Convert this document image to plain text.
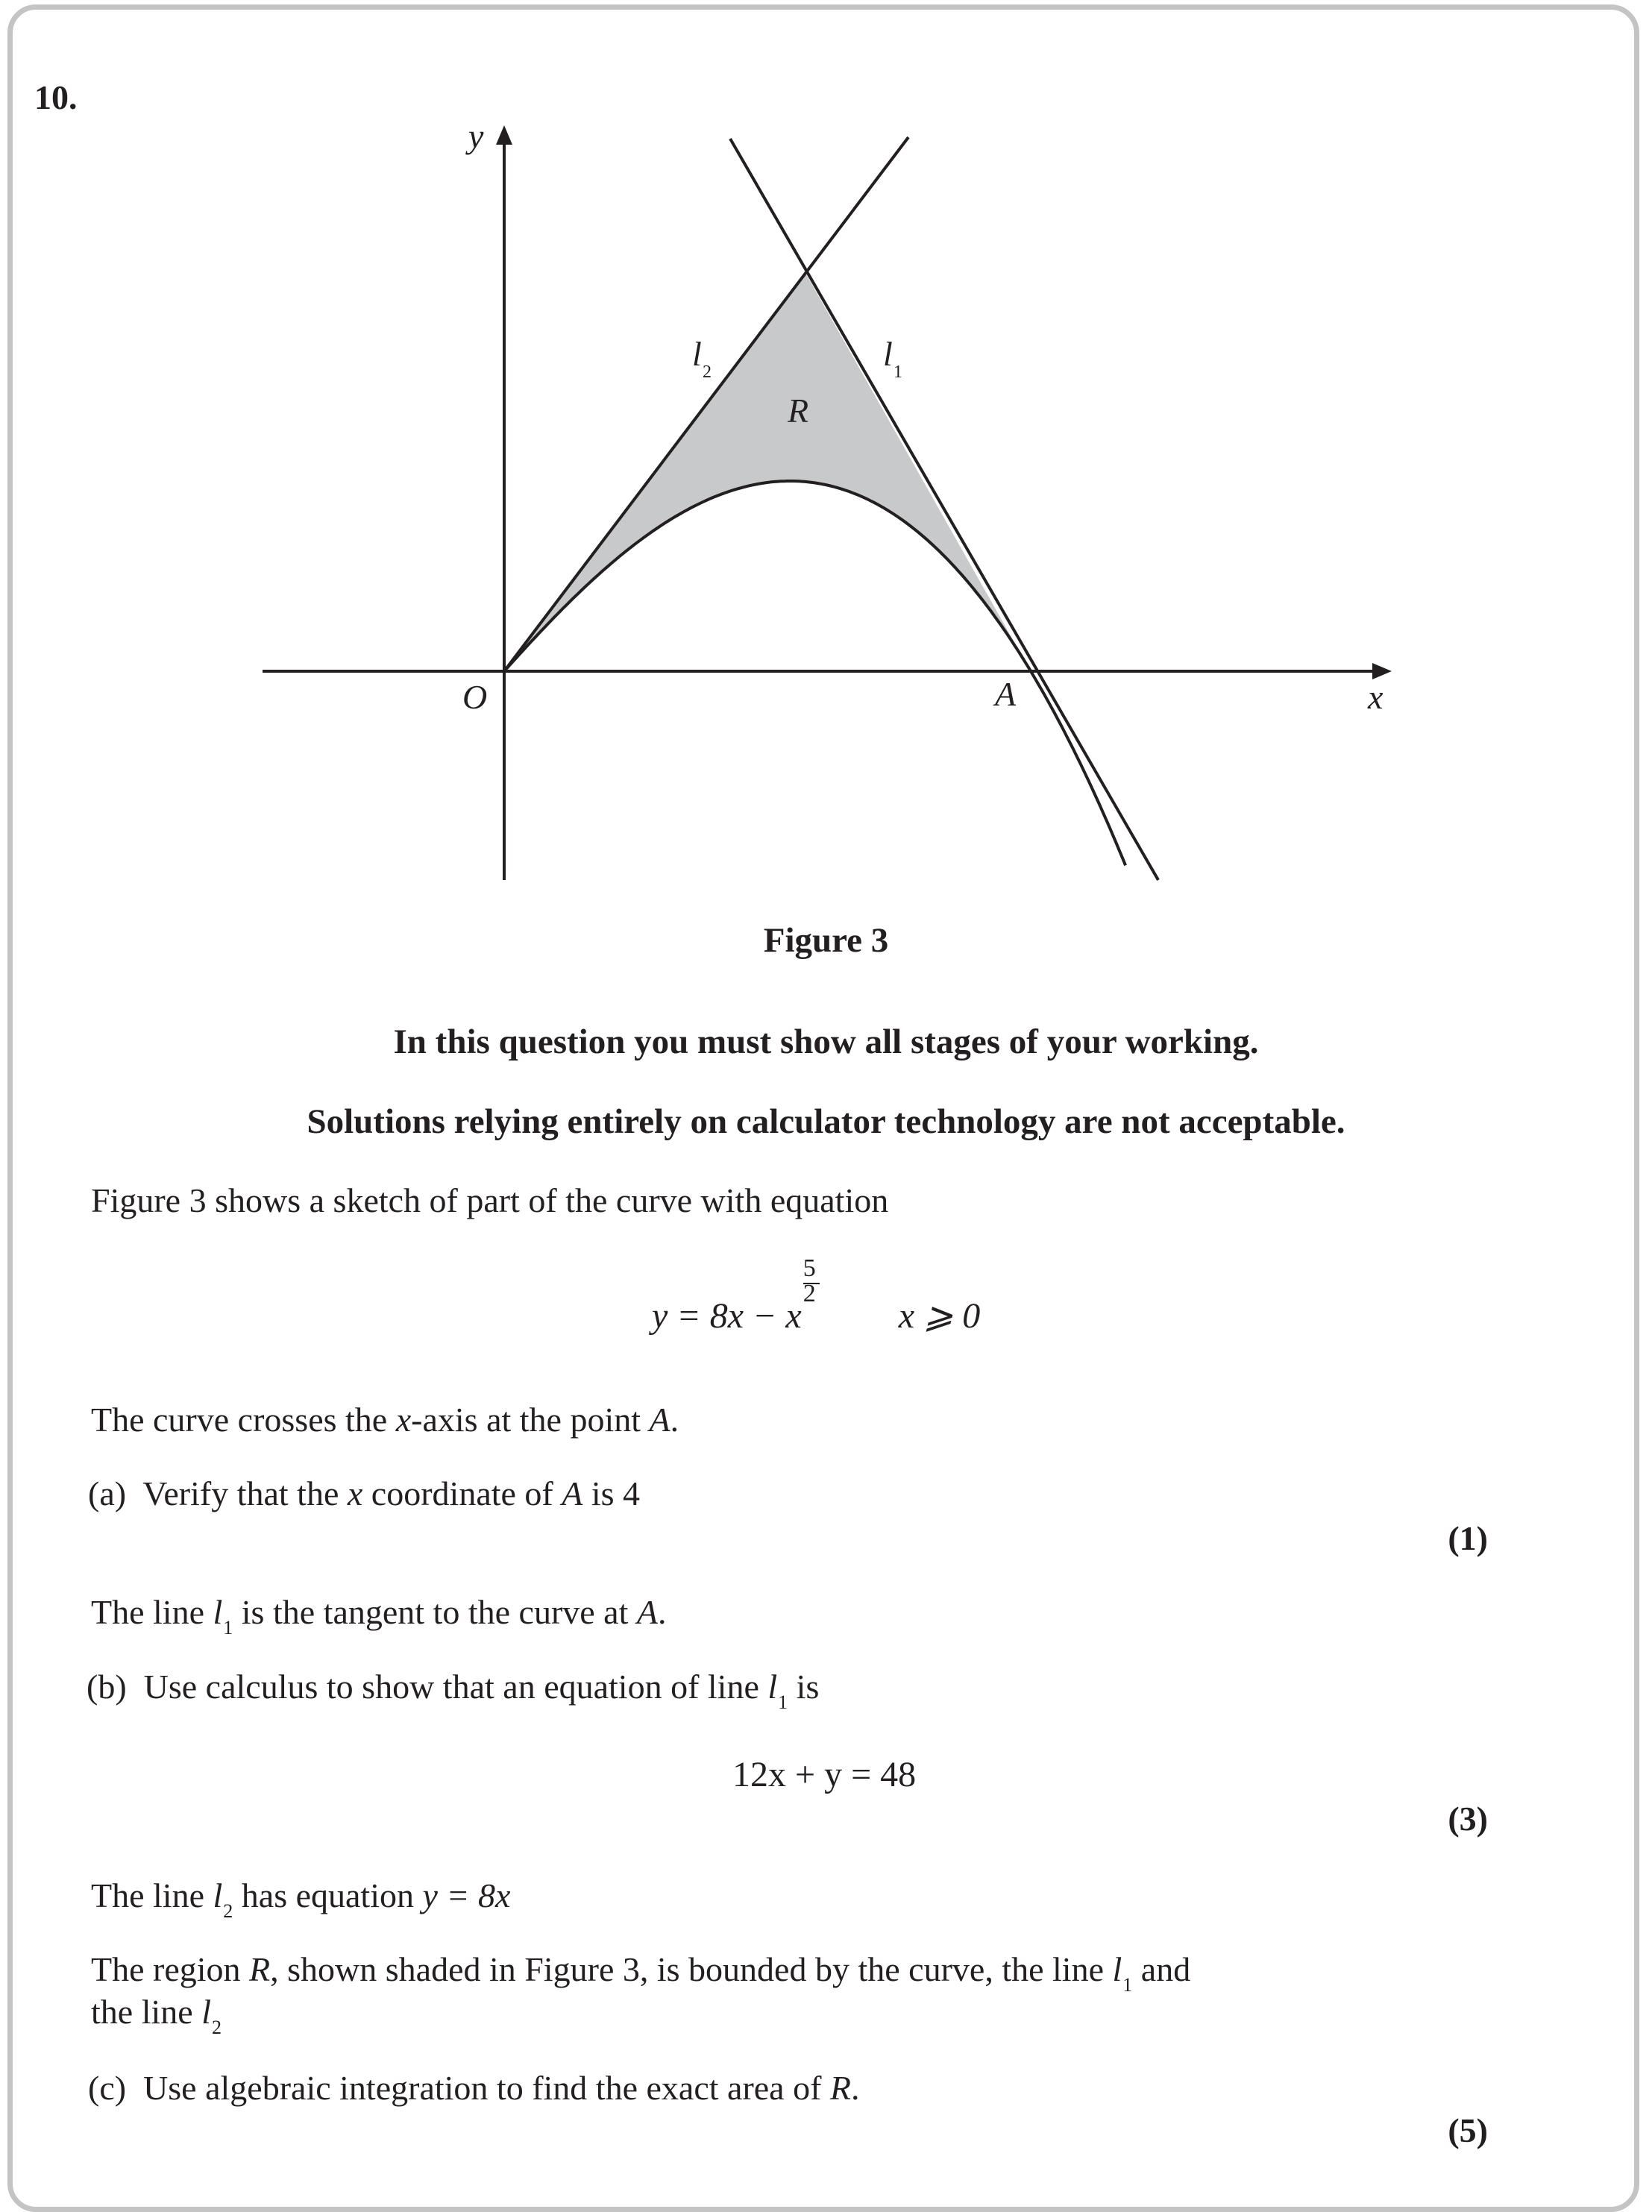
10.
y
x
O	A
R
l 2	l 1
Figure 3
In this question you must show all stages of your working.
Solutions relying entirely on calculator technology are not acceptable.
Figure 3 shows a sketch of part of the curve with equation
y = 8x − x $\frac{5}{2}$ x ⩾ 0
The curve crosses the x-axis at the point A.
(a) Verify that the x coordinate of A is 4
(1)
The line $l_1$ is the tangent to the curve at A.
(b) Use calculus to show that an equation of line $l_1$ is
12x + y = 48
(3)
The line $l_2$ has equation y = 8x
The region R, shown shaded in Figure 3, is bounded by the curve, the line $l_1$ and
the line $l_2$
(c) Use algebraic integration to find the exact area of R.
(5)
